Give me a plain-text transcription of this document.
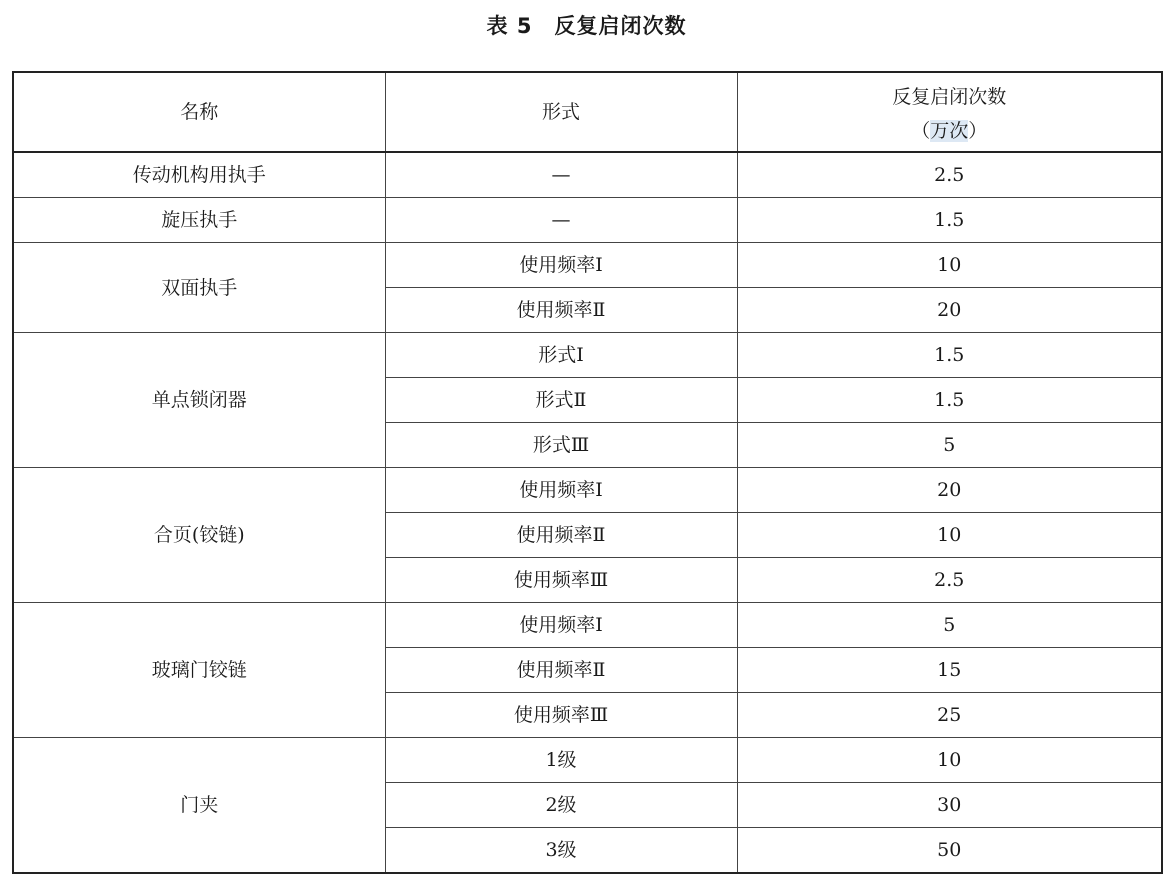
表 5 反复启闭次数
名称	形式	反复启闭次数
（万次）

传动机构用执手	—	2.5
旋压执手	—	1.5
双面执手	使用频率Ⅰ	10
	使用频率Ⅱ	20
单点锁闭器	形式Ⅰ	1.5
	形式Ⅱ	1.5
	形式Ⅲ	5
合页(铰链)	使用频率Ⅰ	20
	使用频率Ⅱ	10
	使用频率Ⅲ	2.5
玻璃门铰链	使用频率Ⅰ	5
	使用频率Ⅱ	15
	使用频率Ⅲ	25
门夹	1级	10
	2级	30
	3级	50
